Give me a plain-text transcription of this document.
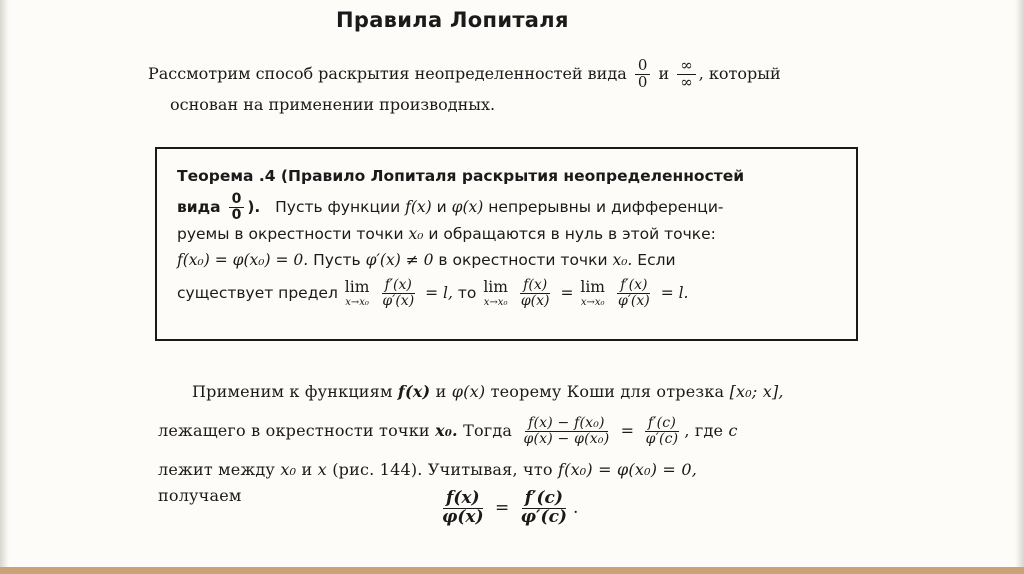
Правила Лопиталя
Рассмотрим способ раскрытия неопределенностей вида $\frac{0}{0}$ и $\frac{\infty}{\infty}$ , который
основан на применении производных.
Теорема .4 (Правило Лопиталя раскрытия неопределенностей
вида $\frac{0}{0}$ ). Пусть функции f(x) и φ(x) непрерывны и дифференци-
руемы в окрестности точки x₀ и обращаются в нуль в этой точке:
f(x₀) = φ(x₀) = 0. Пусть φ′(x) ≠ 0 в окрестности точки x₀. Если
существует предел lim
x→x₀
$\frac{f'(x)}{\varphi'(x)} = l$, то lim
x→x₀
$\frac{f(x)}{\varphi(x)} = \lim$
x→x₀
$\frac{f'(x)}{\varphi'(x)} = l$.
Применим к функциям f(x) и φ(x) теорему Коши для отрезка [x₀; x],
лежащего в окрестности точки x₀. Тогда $\frac{\text{f(x) − f(x₀)}}{\text{φ(x) − φ(x₀)}} = \frac{f'(c)}{\varphi'(c)}$ , где c
лежит между x₀ и x (рис. 144). Учитывая, что f(x₀) = φ(x₀) = 0,
получаем	$\frac{f(x)}{\varphi(x)} = \frac{f'(c)}{\varphi'(c)}$ .
